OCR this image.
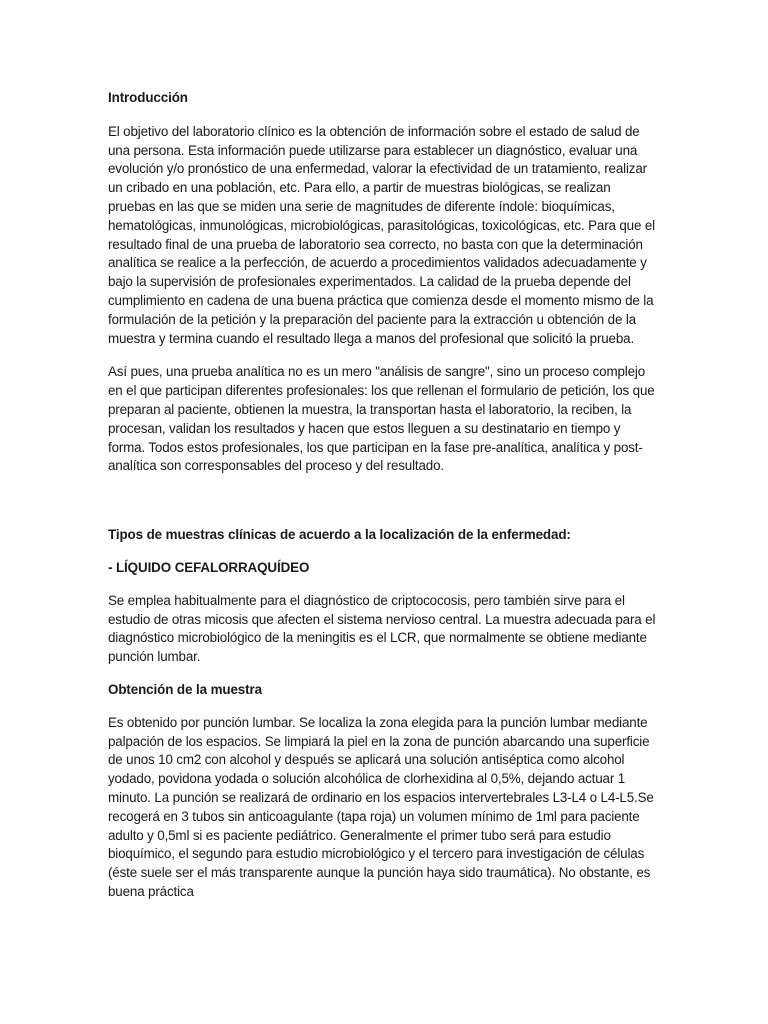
Introducción

El objetivo del laboratorio clínico es la obtención de información sobre el estado de salud de una persona. Esta información puede utilizarse para establecer un diagnóstico, evaluar una evolución y/o pronóstico de una enfermedad, valorar la efectividad de un tratamiento, realizar un cribado en una población, etc. Para ello, a partir de muestras biológicas, se realizan pruebas en las que se miden una serie de magnitudes de diferente índole: bioquímicas, hematológicas, inmunológicas, microbiológicas, parasitológicas, toxicológicas, etc. Para que el resultado final de una prueba de laboratorio sea correcto, no basta con que la determinación analítica se realice a la perfección, de acuerdo a procedimientos validados adecuadamente y bajo la supervisión de profesionales experimentados. La calidad de la prueba depende del cumplimiento en cadena de una buena práctica que comienza desde el momento mismo de la formulación de la petición y la preparación del paciente para la extracción u obtención de la muestra y termina cuando el resultado llega a manos del profesional que solicitó la prueba.

Así pues, una prueba analítica no es un mero "análisis de sangre", sino un proceso complejo en el que participan diferentes profesionales: los que rellenan el formulario de petición, los que preparan al paciente, obtienen la muestra, la transportan hasta el laboratorio, la reciben, la procesan, validan los resultados y hacen que estos lleguen a su destinatario en tiempo y forma. Todos estos profesionales, los que participan en la fase pre-analítica, analítica y post-analítica son corresponsables del proceso y del resultado.

Tipos de muestras clínicas de acuerdo a la localización de la enfermedad:

- LÍQUIDO CEFALORRAQUÍDEO

Se emplea habitualmente para el diagnóstico de criptococosis, pero también sirve para el estudio de otras micosis que afecten el sistema nervioso central. La muestra adecuada para el diagnóstico microbiológico de la meningitis es el LCR, que normalmente se obtiene mediante punción lumbar.

Obtención de la muestra

Es obtenido por punción lumbar. Se localiza la zona elegida para la punción lumbar mediante palpación de los espacios. Se limpiará la piel en la zona de punción abarcando una superficie de unos 10 cm2 con alcohol y después se aplicará una solución antiséptica como alcohol yodado, povidona yodada o solución alcohólica de clorhexidina al 0,5%, dejando actuar 1 minuto. La punción se realizará de ordinario en los espacios intervertebrales L3-L4 o L4-L5.Se recogerá en 3 tubos sin anticoagulante (tapa roja) un volumen mínimo de 1ml para paciente adulto y 0,5ml si es paciente pediátrico. Generalmente el primer tubo será para estudio bioquímico, el segundo para estudio microbiológico y el tercero para investigación de células (éste suele ser el más transparente aunque la punción haya sido traumática). No obstante, es buena práctica
